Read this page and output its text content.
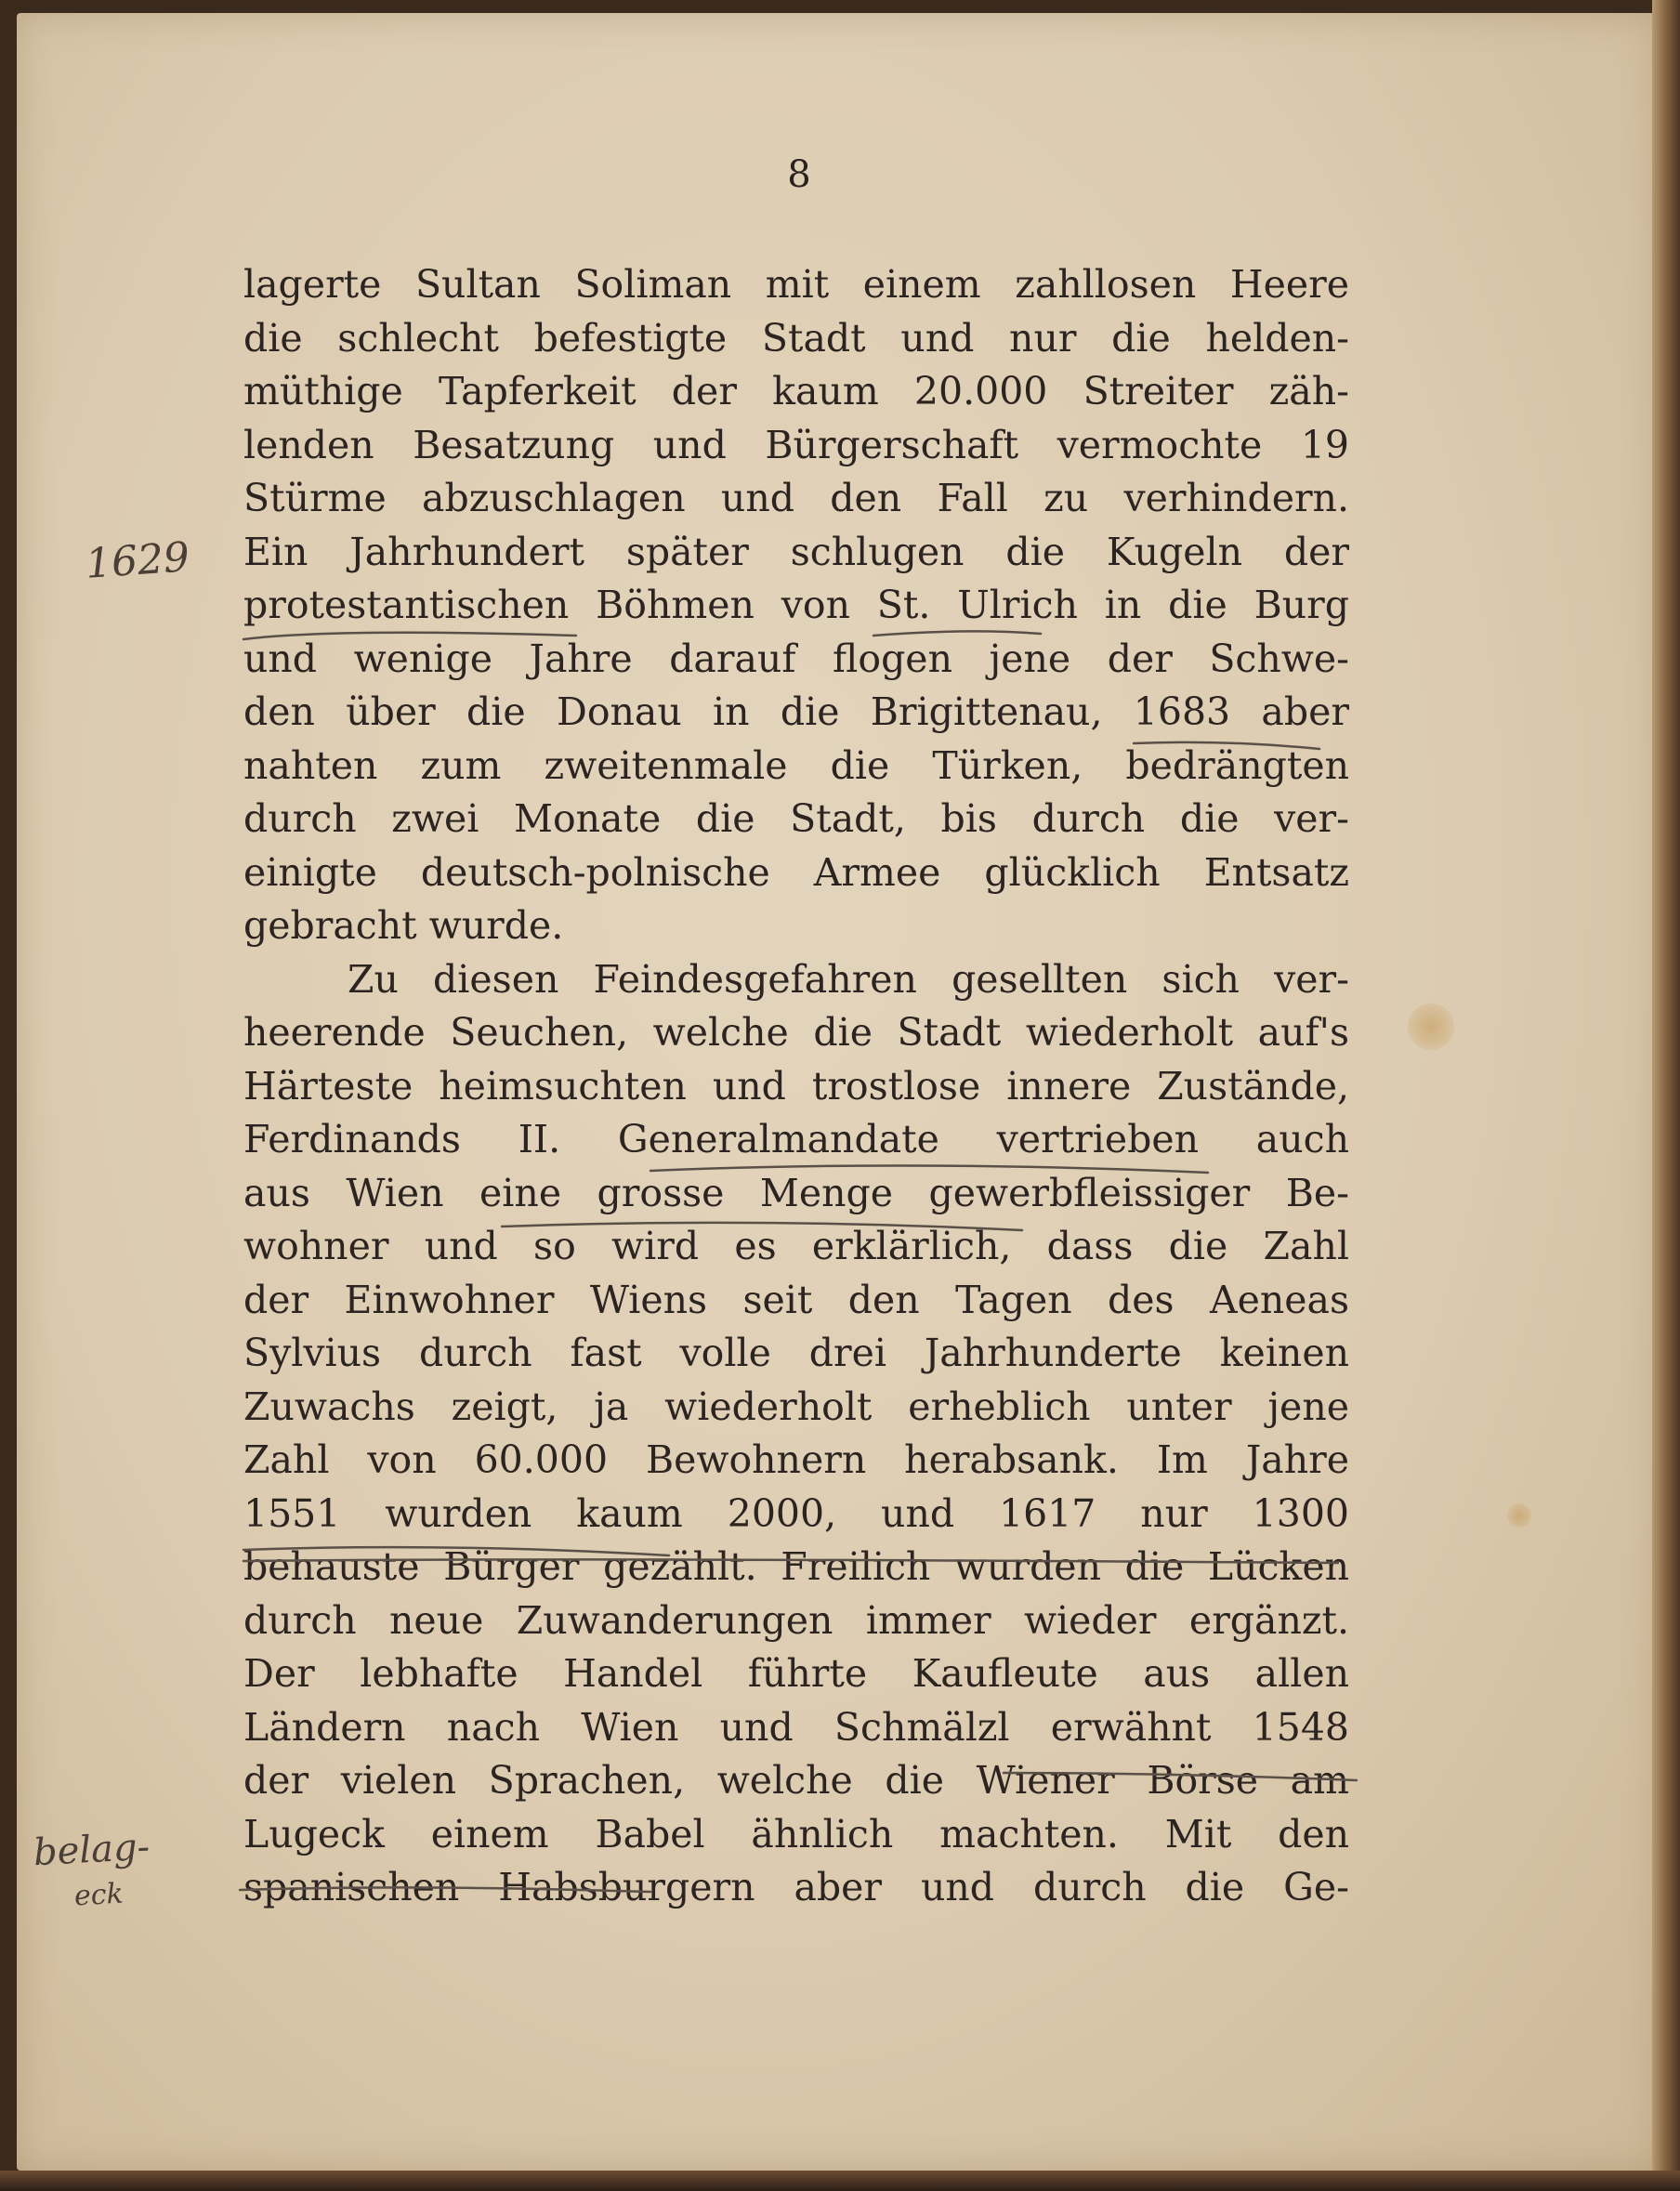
8
lagerte Sultan Soliman mit einem zahllosen Heere
die schlecht befestigte Stadt und nur die helden-
müthige Tapferkeit der kaum 20.000 Streiter zäh-
lenden Besatzung und Bürgerschaft vermochte 19
Stürme abzuschlagen und den Fall zu verhindern.
Ein Jahrhundert später schlugen die Kugeln der
protestantischen Böhmen von St. Ulrich in die Burg
und wenige Jahre darauf flogen jene der Schwe-
den über die Donau in die Brigittenau, 1683 aber
nahten zum zweitenmale die Türken, bedrängten
durch zwei Monate die Stadt, bis durch die ver-
einigte deutsch-polnische Armee glücklich Entsatz
gebracht wurde.
Zu diesen Feindesgefahren gesellten sich ver-
heerende Seuchen, welche die Stadt wiederholt auf's
Härteste heimsuchten und trostlose innere Zustände,
Ferdinands II. Generalmandate vertrieben auch
aus Wien eine grosse Menge gewerbfleissiger Be-
wohner und so wird es erklärlich, dass die Zahl
der Einwohner Wiens seit den Tagen des Aeneas
Sylvius durch fast volle drei Jahrhunderte keinen
Zuwachs zeigt, ja wiederholt erheblich unter jene
Zahl von 60.000 Bewohnern herabsank. Im Jahre
1551 wurden kaum 2000, und 1617 nur 1300
behauste Bürger gezählt. Freilich wurden die Lücken
durch neue Zuwanderungen immer wieder ergänzt.
Der lebhafte Handel führte Kaufleute aus allen
Ländern nach Wien und Schmälzl erwähnt 1548
der vielen Sprachen, welche die Wiener Börse am
Lugeck einem Babel ähnlich machten. Mit den
spanischen Habsburgern aber und durch die Ge-
1629
belag-
eck
